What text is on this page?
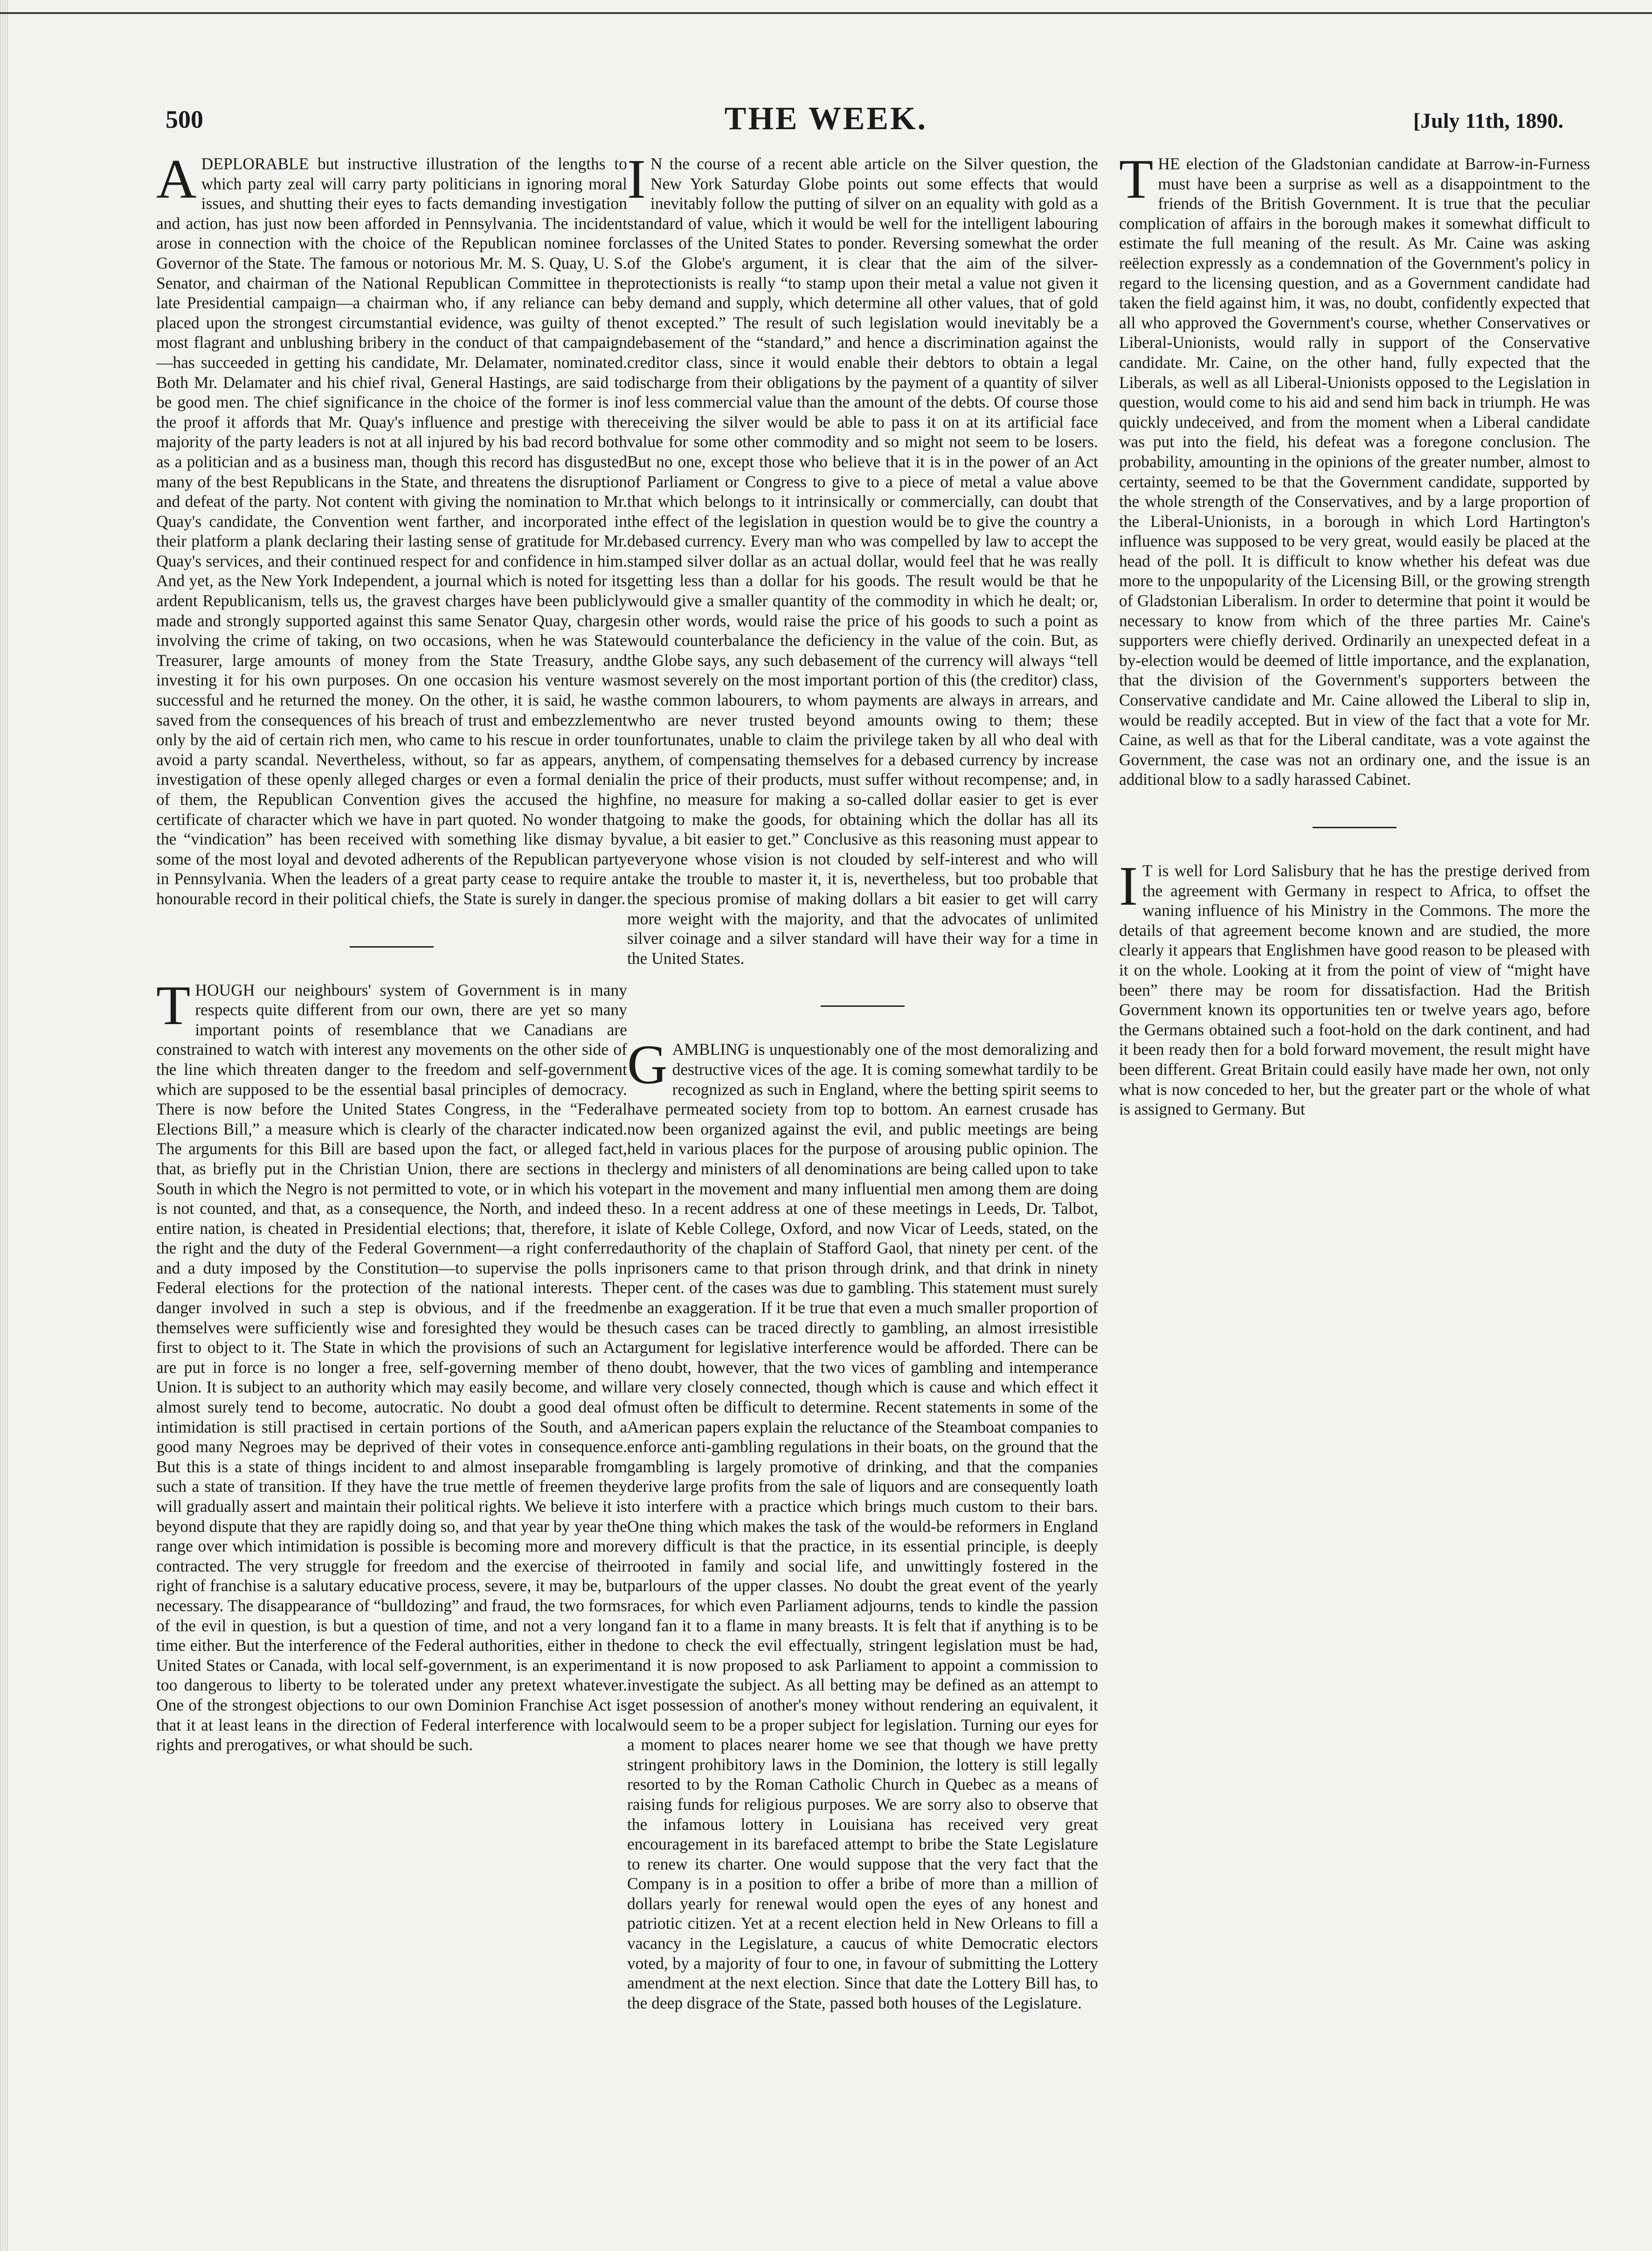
500	THE WEEK.	[July 11th, 1890.

A DEPLORABLE but instructive illustration of the lengths to which party zeal will carry party politicians in ignoring moral issues, and shutting their eyes to facts demanding investigation and action, has just now been afforded in Pennsylvania. The incident arose in connection with the choice of the Republican nominee for Governor of the State. The famous or notorious Mr. M. S. Quay, U. S. Senator, and chairman of the National Republican Committee in the late Presidential campaign—a chairman who, if any reliance can be placed upon the strongest circumstantial evidence, was guilty of the most flagrant and unblushing bribery in the conduct of that campaign—has succeeded in getting his candidate, Mr. Delamater, nominated. Both Mr. Delamater and his chief rival, General Hastings, are said to be good men. The chief significance in the choice of the former is in the proof it affords that Mr. Quay's influence and prestige with the majority of the party leaders is not at all injured by his bad record both as a politician and as a business man, though this record has disgusted many of the best Republicans in the State, and threatens the disruption and defeat of the party. Not content with giving the nomination to Mr. Quay's candidate, the Convention went farther, and incorporated in their platform a plank declaring their lasting sense of gratitude for Mr. Quay's services, and their continued respect for and confidence in him. And yet, as the New York Independent, a journal which is noted for its ardent Republicanism, tells us, the gravest charges have been publicly made and strongly supported against this same Senator Quay, charges involving the crime of taking, on two occasions, when he was State Treasurer, large amounts of money from the State Treasury, and investing it for his own purposes. On one occasion his venture was successful and he returned the money. On the other, it is said, he was saved from the consequences of his breach of trust and embezzlement only by the aid of certain rich men, who came to his rescue in order to avoid a party scandal. Nevertheless, without, so far as appears, any investigation of these openly alleged charges or even a formal denial of them, the Republican Convention gives the accused the high certificate of character which we have in part quoted. No wonder that the “vindication” has been received with something like dismay by some of the most loyal and devoted adherents of the Republican party in Pennsylvania. When the leaders of a great party cease to require an honourable record in their political chiefs, the State is surely in danger.

T HOUGH our neighbours' system of Government is in many respects quite different from our own, there are yet so many important points of resemblance that we Canadians are constrained to watch with interest any movements on the other side of the line which threaten danger to the freedom and self-government which are supposed to be the essential basal principles of democracy. There is now before the United States Congress, in the “Federal Elections Bill,” a measure which is clearly of the character indicated. The arguments for this Bill are based upon the fact, or alleged fact, that, as briefly put in the Christian Union, there are sections in the South in which the Negro is not permitted to vote, or in which his vote is not counted, and that, as a consequence, the North, and indeed the entire nation, is cheated in Presidential elections; that, therefore, it is the right and the duty of the Federal Government—a right conferred and a duty imposed by the Constitution—to supervise the polls in Federal elections for the protection of the national interests. The danger involved in such a step is obvious, and if the freedmen themselves were sufficiently wise and foresighted they would be the first to object to it. The State in which the provisions of such an Act are put in force is no longer a free, self-governing member of the Union. It is subject to an authority which may easily become, and will almost surely tend to become, autocratic. No doubt a good deal of intimidation is still practised in certain portions of the South, and a good many Negroes may be deprived of their votes in consequence. But this is a state of things incident to and almost inseparable from such a state of transition. If they have the true mettle of freemen they will gradually assert and maintain their political rights. We believe it is beyond dispute that they are rapidly doing so, and that year by year the range over which intimidation is possible is becoming more and more contracted. The very struggle for freedom and the exercise of their right of franchise is a salutary educative process, severe, it may be, but necessary. The disappearance of “bulldozing” and fraud, the two forms of the evil in question, is but a question of time, and not a very long time either. But the interference of the Federal authorities, either in the United States or Canada, with local self-government, is an experiment too dangerous to liberty to be tolerated under any pretext whatever. One of the strongest objections to our own Dominion Franchise Act is that it at least leans in the direction of Federal interference with local rights and prerogatives, or what should be such.

I N the course of a recent able article on the Silver question, the New York Saturday Globe points out some effects that would inevitably follow the putting of silver on an equality with gold as a standard of value, which it would be well for the intelligent labouring classes of the United States to ponder. Reversing somewhat the order of the Globe's argument, it is clear that the aim of the silver-protectionists is really “to stamp upon their metal a value not given it by demand and supply, which determine all other values, that of gold not excepted.” The result of such legislation would inevitably be a debasement of the “standard,” and hence a discrimination against the creditor class, since it would enable their debtors to obtain a legal discharge from their obligations by the payment of a quantity of silver of less commercial value than the amount of the debts. Of course those receiving the silver would be able to pass it on at its artificial face value for some other commodity and so might not seem to be losers. But no one, except those who believe that it is in the power of an Act of Parliament or Congress to give to a piece of metal a value above that which belongs to it intrinsically or commercially, can doubt that the effect of the legislation in question would be to give the country a debased currency. Every man who was compelled by law to accept the stamped silver dollar as an actual dollar, would feel that he was really getting less than a dollar for his goods. The result would be that he would give a smaller quantity of the commodity in which he dealt; or, in other words, would raise the price of his goods to such a point as would counterbalance the deficiency in the value of the coin. But, as the Globe says, any such debasement of the currency will always “tell most severely on the most important portion of this (the creditor) class, the common labourers, to whom payments are always in arrears, and who are never trusted beyond amounts owing to them; these unfortunates, unable to claim the privilege taken by all who deal with them, of compensating themselves for a debased currency by increase in the price of their products, must suffer without recompense; and, in fine, no measure for making a so-called dollar easier to get is ever going to make the goods, for obtaining which the dollar has all its value, a bit easier to get.” Conclusive as this reasoning must appear to everyone whose vision is not clouded by self-interest and who will take the trouble to master it, it is, nevertheless, but too probable that the specious promise of making dollars a bit easier to get will carry more weight with the majority, and that the advocates of unlimited silver coinage and a silver standard will have their way for a time in the United States.

G AMBLING is unquestionably one of the most demoralizing and destructive vices of the age. It is coming somewhat tardily to be recognized as such in England, where the betting spirit seems to have permeated society from top to bottom. An earnest crusade has now been organized against the evil, and public meetings are being held in various places for the purpose of arousing public opinion. The clergy and ministers of all denominations are being called upon to take part in the movement and many influential men among them are doing so. In a recent address at one of these meetings in Leeds, Dr. Talbot, late of Keble College, Oxford, and now Vicar of Leeds, stated, on the authority of the chaplain of Stafford Gaol, that ninety per cent. of the prisoners came to that prison through drink, and that drink in ninety per cent. of the cases was due to gambling. This statement must surely be an exaggeration. If it be true that even a much smaller proportion of such cases can be traced directly to gambling, an almost irresistible argument for legislative interference would be afforded. There can be no doubt, however, that the two vices of gambling and intemperance are very closely connected, though which is cause and which effect it must often be difficult to determine. Recent statements in some of the American papers explain the reluctance of the Steamboat companies to enforce anti-gambling regulations in their boats, on the ground that the gambling is largely promotive of drinking, and that the companies derive large profits from the sale of liquors and are consequently loath to interfere with a practice which brings much custom to their bars. One thing which makes the task of the would-be reformers in England very difficult is that the practice, in its essential principle, is deeply rooted in family and social life, and unwittingly fostered in the parlours of the upper classes. No doubt the great event of the yearly races, for which even Parliament adjourns, tends to kindle the passion and fan it to a flame in many breasts. It is felt that if anything is to be done to check the evil effectually, stringent legislation must be had, and it is now proposed to ask Parliament to appoint a commission to investigate the subject. As all betting may be defined as an attempt to get possession of another's money without rendering an equivalent, it would seem to be a proper subject for legislation. Turning our eyes for a moment to places nearer home we see that though we have pretty stringent prohibitory laws in the Dominion, the lottery is still legally resorted to by the Roman Catholic Church in Quebec as a means of raising funds for religious purposes. We are sorry also to observe that the infamous lottery in Louisiana has received very great encouragement in its barefaced attempt to bribe the State Legislature to renew its charter. One would suppose that the very fact that the Company is in a position to offer a bribe of more than a million of dollars yearly for renewal would open the eyes of any honest and patriotic citizen. Yet at a recent election held in New Orleans to fill a vacancy in the Legislature, a caucus of white Democratic electors voted, by a majority of four to one, in favour of submitting the Lottery amendment at the next election. Since that date the Lottery Bill has, to the deep disgrace of the State, passed both houses of the Legislature.

T HE election of the Gladstonian candidate at Barrow-in-Furness must have been a surprise as well as a disappointment to the friends of the British Government. It is true that the peculiar complication of affairs in the borough makes it somewhat difficult to estimate the full meaning of the result. As Mr. Caine was asking reëlection expressly as a condemnation of the Government's policy in regard to the licensing question, and as a Government candidate had taken the field against him, it was, no doubt, confidently expected that all who approved the Government's course, whether Conservatives or Liberal-Unionists, would rally in support of the Conservative candidate. Mr. Caine, on the other hand, fully expected that the Liberals, as well as all Liberal-Unionists opposed to the Legislation in question, would come to his aid and send him back in triumph. He was quickly undeceived, and from the moment when a Liberal candidate was put into the field, his defeat was a foregone conclusion. The probability, amounting in the opinions of the greater number, almost to certainty, seemed to be that the Government candidate, supported by the whole strength of the Conservatives, and by a large proportion of the Liberal-Unionists, in a borough in which Lord Hartington's influence was supposed to be very great, would easily be placed at the head of the poll. It is difficult to know whether his defeat was due more to the unpopularity of the Licensing Bill, or the growing strength of Gladstonian Liberalism. In order to determine that point it would be necessary to know from which of the three parties Mr. Caine's supporters were chiefly derived. Ordinarily an unexpected defeat in a by-election would be deemed of little importance, and the explanation, that the division of the Government's supporters between the Conservative candidate and Mr. Caine allowed the Liberal to slip in, would be readily accepted. But in view of the fact that a vote for Mr. Caine, as well as that for the Liberal canditate, was a vote against the Government, the case was not an ordinary one, and the issue is an additional blow to a sadly harassed Cabinet.

I T is well for Lord Salisbury that he has the prestige derived from the agreement with Germany in respect to Africa, to offset the waning influence of his Ministry in the Commons. The more the details of that agreement become known and are studied, the more clearly it appears that Englishmen have good reason to be pleased with it on the whole. Looking at it from the point of view of “might have been” there may be room for dissatisfaction. Had the British Government known its opportunities ten or twelve years ago, before the Germans obtained such a foot-hold on the dark continent, and had it been ready then for a bold forward movement, the result might have been different. Great Britain could easily have made her own, not only what is now conceded to her, but the greater part or the whole of what is assigned to Germany. But
